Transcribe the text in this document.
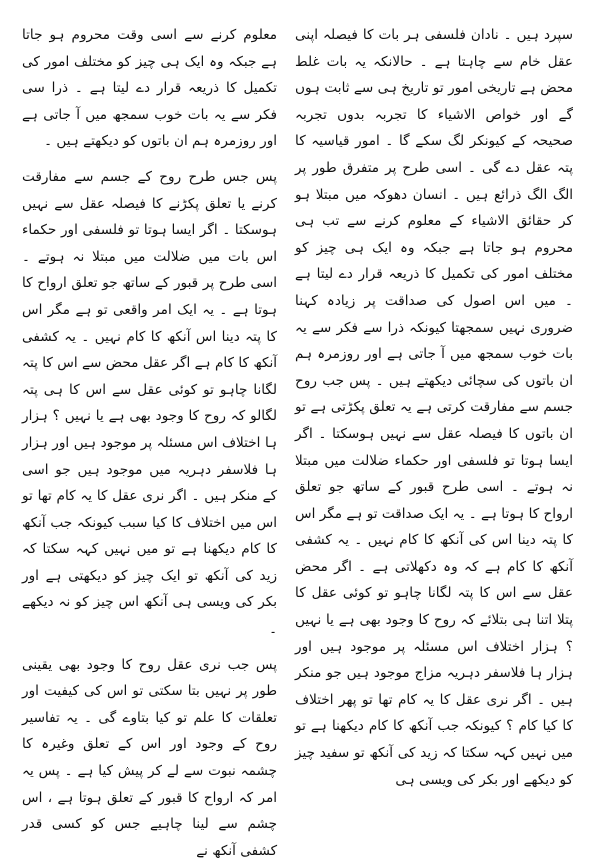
سپرد ہیں ۔ نادان فلسفی ہر بات کا فیصلہ اپنی عقل خام سے چاہتا ہے ۔ حالانکہ یہ بات غلط محض ہے تاریخی امور تو تاریخ ہی سے ثابت ہوں گے اور خواص الاشیاء کا تجربہ بدوں تجربہ صحیحہ کے کیونکر لگ سکے گا ۔ امور قیاسیہ کا پتہ عقل دے گی ۔ اسی طرح پر متفرق طور پر الگ الگ ذرائع ہیں ۔ انسان دھوکہ میں مبتلا ہو کر حقائق الاشیاء کے معلوم کرنے سے تب ہی محروم ہو جاتا ہے جبکہ وہ ایک ہی چیز کو مختلف امور کی تکمیل کا ذریعہ قرار دے لیتا ہے ۔ میں اس اصول کی صداقت پر زیادہ کہنا ضروری نہیں سمجھتا کیونکہ ذرا سے فکر سے یہ بات خوب سمجھ میں آ جاتی ہے اور روزمرہ ہم ان باتوں کی سچائی دیکھتے ہیں ۔ پس جب روح جسم سے مفارقت کرتی ہے یہ تعلق پکڑتی ہے تو ان باتوں کا فیصلہ عقل سے نہیں ہوسکتا ۔ اگر ایسا ہوتا تو فلسفی اور حکماء ضلالت میں مبتلا نہ ہوتے ۔ اسی طرح قبور کے ساتھ جو تعلق ارواح کا ہوتا ہے ۔ یہ ایک صداقت تو ہے مگر اس کا پتہ دینا اس کی آنکھ کا کام نہیں ۔ یہ کشفی آنکھ کا کام ہے کہ وہ دکھلاتی ہے ۔ اگر محض عقل سے اس کا پتہ لگانا چاہو تو کوئی عقل کا پتلا اتنا ہی بتلائے کہ روح کا وجود بھی ہے یا نہیں ؟ ہزار اختلاف اس مسئلہ پر موجود ہیں اور ہزار ہا فلاسفر دہریہ مزاج موجود ہیں جو منکر ہیں ۔ اگر نری عقل کا یہ کام تھا تو پھر اختلاف کا کیا کام ؟ کیونکہ جب آنکھ کا کام دیکھنا ہے تو میں نہیں کہہ سکتا کہ زید کی آنکھ تو سفید چیز کو دیکھے اور بکر کی ویسی ہی

معلوم کرنے سے اسی وقت محروم ہو جاتا ہے جبکہ وہ ایک ہی چیز کو مختلف امور کی تکمیل کا ذریعہ قرار دے لیتا ہے ۔ ذرا سی فکر سے یہ بات خوب سمجھ میں آ جاتی ہے اور روزمرہ ہم ان باتوں کو دیکھتے ہیں ۔

پس جس طرح روح کے جسم سے مفارقت کرنے یا تعلق پکڑنے کا فیصلہ عقل سے نہیں ہوسکتا ۔ اگر ایسا ہوتا تو فلسفی اور حکماء اس بات میں ضلالت میں مبتلا نہ ہوتے ۔ اسی طرح پر قبور کے ساتھ جو تعلق ارواح کا ہوتا ہے ۔ یہ ایک امر واقعی تو ہے مگر اس کا پتہ دینا اس آنکھ کا کام نہیں ۔ یہ کشفی آنکھ کا کام ہے اگر عقل محض سے اس کا پتہ لگانا چاہو تو کوئی عقل سے اس کا ہی پتہ لگالو کہ روح کا وجود بھی ہے یا نہیں ؟ ہزار ہا اختلاف اس مسئلہ پر موجود ہیں اور ہزار ہا فلاسفر دہریہ میں موجود ہیں جو اسی کے منکر ہیں ۔ اگر نری عقل کا یہ کام تھا تو اس میں اختلاف کا کیا سبب کیونکہ جب آنکھ کا کام دیکھنا ہے تو میں نہیں کہہ سکتا کہ زید کی آنکھ تو ایک چیز کو دیکھتی ہے اور بکر کی ویسی ہی آنکھ اس چیز کو نہ دیکھے ۔

پس جب نری عقل روح کا وجود بھی یقینی طور پر نہیں بتا سکتی تو اس کی کیفیت اور تعلقات کا علم تو کیا بتاوے گی ۔ یہ تفاسیر روح کے وجود اور اس کے تعلق وغیرہ کا چشمہ نبوت سے لے کر پیش کیا ہے ۔ پس یہ امر کہ ارواح کا قبور کے تعلق ہوتا ہے ، اس چشم سے لینا چاہیے جس کو کسی قدر کشفی آنکھ نے
